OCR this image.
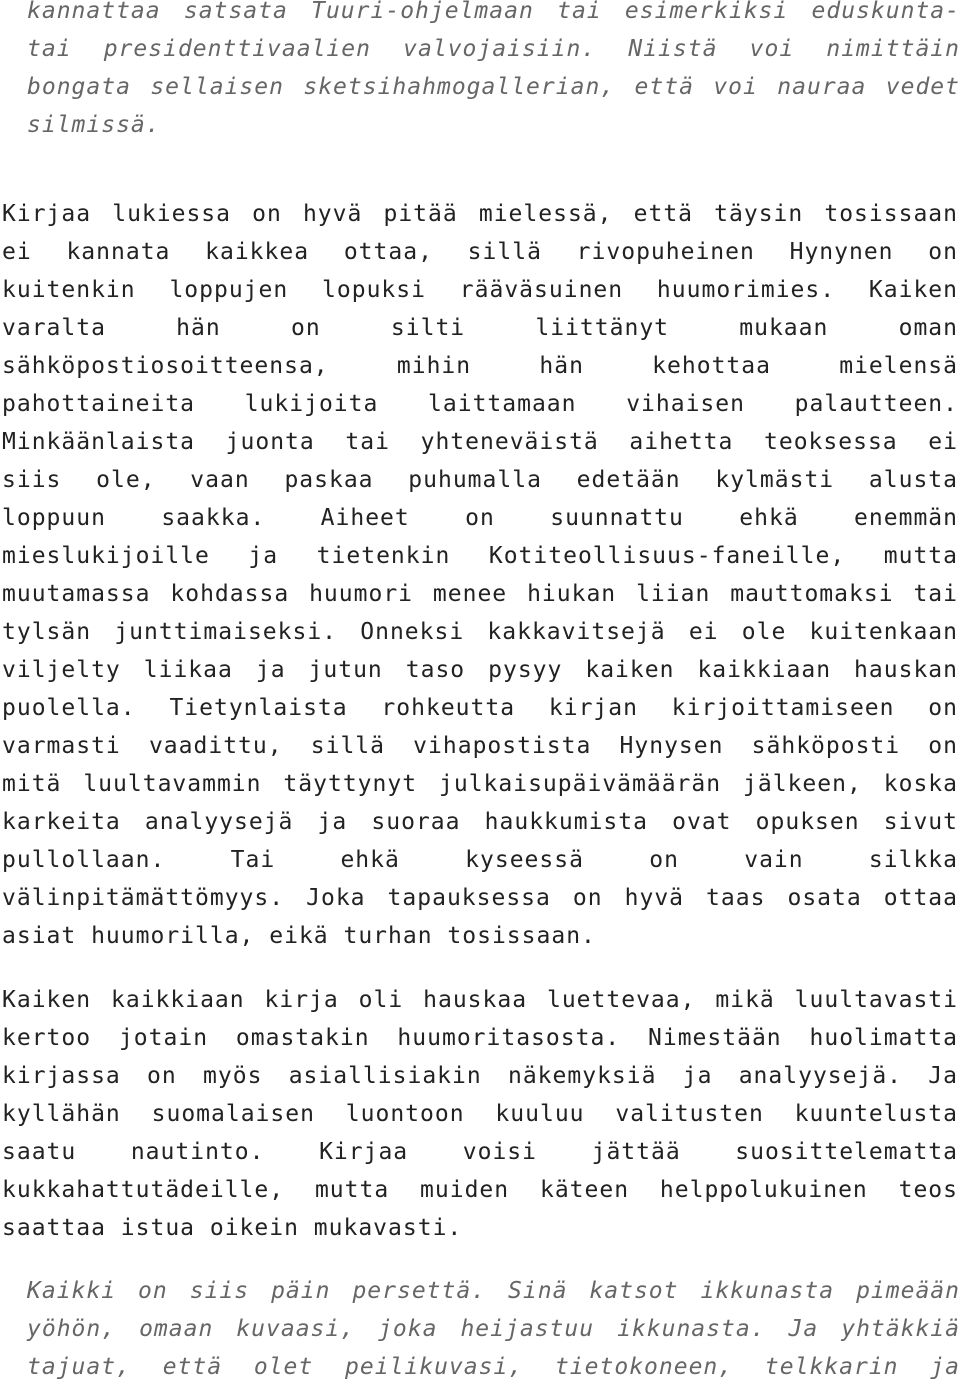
kannattaa satsata Tuuri-ohjelmaan tai esimerkiksi eduskunta-
tai presidenttivaalien valvojaisiin. Niistä voi nimittäin
bongata sellaisen sketsihahmogallerian, että voi nauraa vedet
silmissä.
Kirjaa lukiessa on hyvä pitää mielessä, että täysin tosissaan
ei kannata kaikkea ottaa, sillä rivopuheinen Hynynen on
kuitenkin loppujen lopuksi rääväsuinen huumorimies. Kaiken
varalta hän on silti liittänyt mukaan oman
sähköpostiosoitteensa, mihin hän kehottaa mielensä
pahottaineita lukijoita laittamaan vihaisen palautteen.
Minkäänlaista juonta tai yhteneväistä aihetta teoksessa ei
siis ole, vaan paskaa puhumalla edetään kylmästi alusta
loppuun saakka. Aiheet on suunnattu ehkä enemmän
mieslukijoille ja tietenkin Kotiteollisuus-faneille, mutta
muutamassa kohdassa huumori menee hiukan liian mauttomaksi tai
tylsän junttimaiseksi. Onneksi kakkavitsejä ei ole kuitenkaan
viljelty liikaa ja jutun taso pysyy kaiken kaikkiaan hauskan
puolella. Tietynlaista rohkeutta kirjan kirjoittamiseen on
varmasti vaadittu, sillä vihapostista Hynysen sähköposti on
mitä luultavammin täyttynyt julkaisupäivämäärän jälkeen, koska
karkeita analyysejä ja suoraa haukkumista ovat opuksen sivut
pullollaan. Tai ehkä kyseessä on vain silkka
välinpitämättömyys. Joka tapauksessa on hyvä taas osata ottaa
asiat huumorilla, eikä turhan tosissaan.
Kaiken kaikkiaan kirja oli hauskaa luettevaa, mikä luultavasti
kertoo jotain omastakin huumoritasosta. Nimestään huolimatta
kirjassa on myös asiallisiakin näkemyksiä ja analyysejä. Ja
kyllähän suomalaisen luontoon kuuluu valitusten kuuntelusta
saatu nautinto. Kirjaa voisi jättää suosittelematta
kukkahattutädeille, mutta muiden käteen helppolukuinen teos
saattaa istua oikein mukavasti.
Kaikki on siis päin persettä. Sinä katsot ikkunasta pimeään
yöhön, omaan kuvaasi, joka heijastuu ikkunasta. Ja yhtäkkiä
tajuat, että olet peilikuvasi, tietokoneen, telkkarin ja
